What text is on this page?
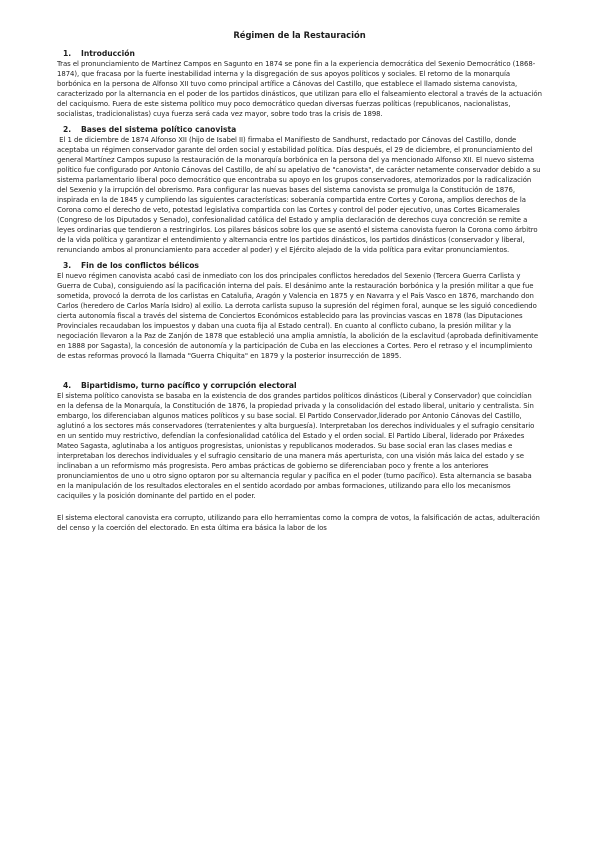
Régimen de la Restauración
1. Introducción

Tras el pronunciamiento de Martínez Campos en Sagunto en 1874 se pone fin a la experiencia democrática del Sexenio Democrático (1868-1874), que fracasa por la fuerte inestabilidad interna y la disgregación de sus apoyos políticos y sociales. El retorno de la monarquía borbónica en la persona de Alfonso XII tuvo como principal artífice a Cánovas del Castillo, que establece el llamado sistema canovista, caracterizado por la alternancia en el poder de los partidos dinásticos, que utilizan para ello el falseamiento electoral a través de la actuación del caciquismo. Fuera de este sistema político muy poco democrático quedan diversas fuerzas políticas (republicanos, nacionalistas, socialistas, tradicionalistas) cuya fuerza será cada vez mayor, sobre todo tras la crisis de 1898.

2. Bases del sistema político canovista

El 1 de diciembre de 1874 Alfonso XII (hijo de Isabel II) firmaba el Manifiesto de Sandhurst, redactado por Cánovas del Castillo, donde aceptaba un régimen conservador garante del orden social y estabilidad política. Días después, el 29 de diciembre, el pronunciamiento del general Martínez Campos supuso la restauración de la monarquía borbónica en la persona del ya mencionado Alfonso XII. El nuevo sistema político fue configurado por Antonio Cánovas del Castillo, de ahí su apelativo de "canovista", de carácter netamente conservador debido a su sistema parlamentario liberal poco democrático que encontraba su apoyo en los grupos conservadores, atemorizados por la radicalización del Sexenio y la irrupción del obrerismo. Para configurar las nuevas bases del sistema canovista se promulga la Constitución de 1876, inspirada en la de 1845 y cumpliendo las siguientes características: soberanía compartida entre Cortes y Corona, amplios derechos de la Corona como el derecho de veto, potestad legislativa compartida con las Cortes y control del poder ejecutivo, unas Cortes Bicamerales (Congreso de los Diputados y Senado), confesionalidad católica del Estado y amplia declaración de derechos cuya concreción se remite a leyes ordinarias que tendieron a restringirlos. Los pilares básicos sobre los que se asentó el sistema canovista fueron la Corona como árbitro de la vida política y garantizar el entendimiento y alternancia entre los partidos dinásticos, los partidos dinásticos (conservador y liberal, renunciando ambos al pronunciamiento para acceder al poder) y el Ejército alejado de la vida política para evitar pronunciamientos.

3. Fin de los conflictos bélicos

El nuevo régimen canovista acabó casi de inmediato con los dos principales conflictos heredados del Sexenio (Tercera Guerra Carlista y Guerra de Cuba), consiguiendo así la pacificación interna del país. El desánimo ante la restauración borbónica y la presión militar a que fue sometida, provocó la derrota de los carlistas en Cataluña, Aragón y Valencia en 1875 y en Navarra y el País Vasco en 1876, marchando don Carlos (heredero de Carlos María Isidro) al exilio. La derrota carlista supuso la supresión del régimen foral, aunque se les siguió concediendo cierta autonomía fiscal a través del sistema de Conciertos Económicos establecido para las provincias vascas en 1878 (las Diputaciones Provinciales recaudaban los impuestos y daban una cuota fija al Estado central). En cuanto al conflicto cubano, la presión militar y la negociación llevaron a la Paz de Zanjón de 1878 que estableció una amplia amnistía, la abolición de la esclavitud (aprobada definitivamente en 1888 por Sagasta), la concesión de autonomía y la participación de Cuba en las elecciones a Cortes. Pero el retraso y el incumplimiento de estas reformas provocó la llamada "Guerra Chiquita" en 1879 y la posterior insurrección de 1895.

4. Bipartidismo, turno pacífico y corrupción electoral

El sistema político canovista se basaba en la existencia de dos grandes partidos políticos dinásticos (Liberal y Conservador) que coincidían en la defensa de la Monarquía, la Constitución de 1876, la propiedad privada y la consolidación del estado liberal, unitario y centralista. Sin embargo, los diferenciaban algunos matices políticos y su base social. El Partido Conservador,liderado por Antonio Cánovas del Castillo, aglutinó a los sectores más conservadores (terratenientes y alta burguesía). Interpretaban los derechos individuales y el sufragio censitario en un sentido muy restrictivo, defendían la confesionalidad católica del Estado y el orden social. El Partido Liberal, liderado por Práxedes Mateo Sagasta, aglutinaba a los antiguos progresistas, unionistas y republicanos moderados. Su base social eran las clases medias e interpretaban los derechos individuales y el sufragio censitario de una manera más aperturista, con una visión más laica del estado y se inclinaban a un reformismo más progresista. Pero ambas prácticas de gobierno se diferenciaban poco y frente a los anteriores pronunciamientos de uno u otro signo optaron por su alternancia regular y pacífica en el poder (turno pacífico). Esta alternancia se basaba en la manipulación de los resultados electorales en el sentido acordado por ambas formaciones, utilizando para ello los mecanismos caciquiles y la posición dominante del partido en el poder.

El sistema electoral canovista era corrupto, utilizando para ello herramientas como la compra de votos, la falsificación de actas, adulteración del censo y la coerción del electorado. En esta última era básica la labor de los
